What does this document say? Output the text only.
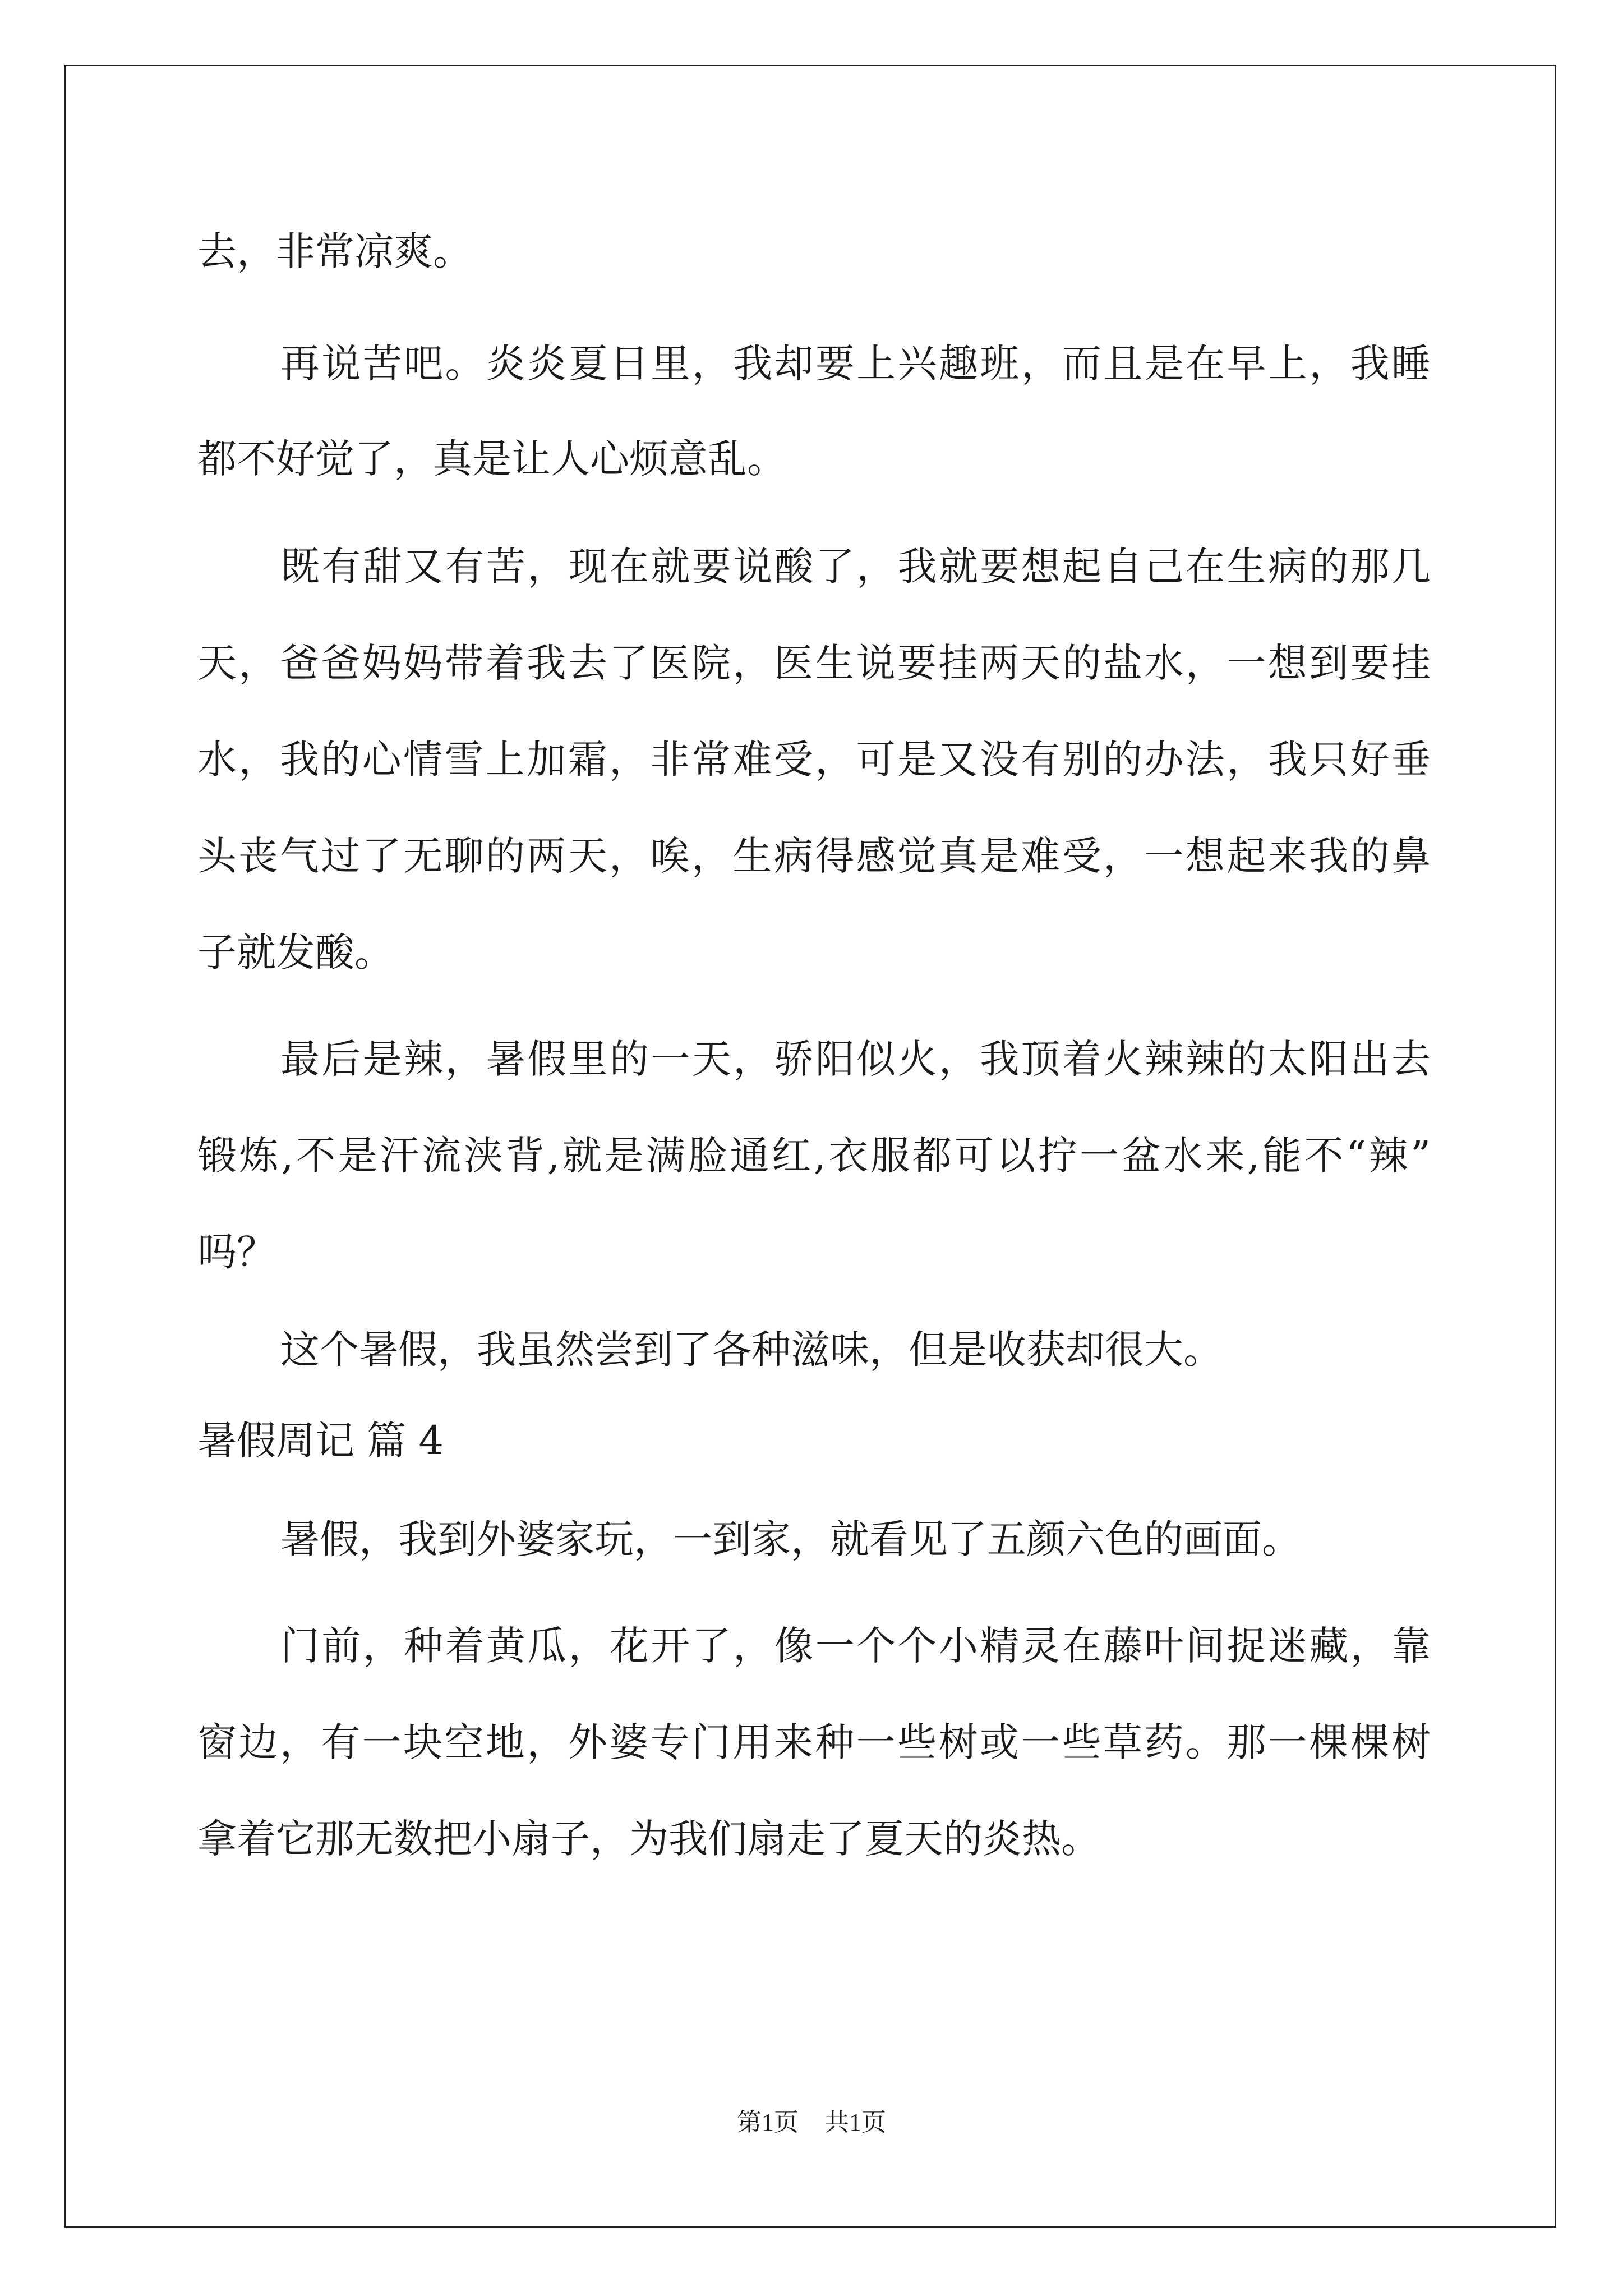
去，非常凉爽。
再说苦吧。炎炎夏日里，我却要上兴趣班，而且是在早上，我睡
都不好觉了，真是让人心烦意乱。
既有甜又有苦，现在就要说酸了，我就要想起自己在生病的那几
天，爸爸妈妈带着我去了医院，医生说要挂两天的盐水，一想到要挂
水，我的心情雪上加霜，非常难受，可是又没有别的办法，我只好垂
头丧气过了无聊的两天，唉，生病得感觉真是难受，一想起来我的鼻
子就发酸。
最后是辣，暑假里的一天，骄阳似火，我顶着火辣辣的太阳出去
锻炼,不是汗流浃背,就是满脸通红,衣服都可以拧一盆水来,能不“辣”
吗？
这个暑假，我虽然尝到了各种滋味，但是收获却很大。
暑假周记 篇 4
暑假，我到外婆家玩，一到家，就看见了五颜六色的画面。
门前，种着黄瓜，花开了，像一个个小精灵在藤叶间捉迷藏，靠
窗边，有一块空地，外婆专门用来种一些树或一些草药。那一棵棵树
拿着它那无数把小扇子，为我们扇走了夏天的炎热。
第1页 共1页
